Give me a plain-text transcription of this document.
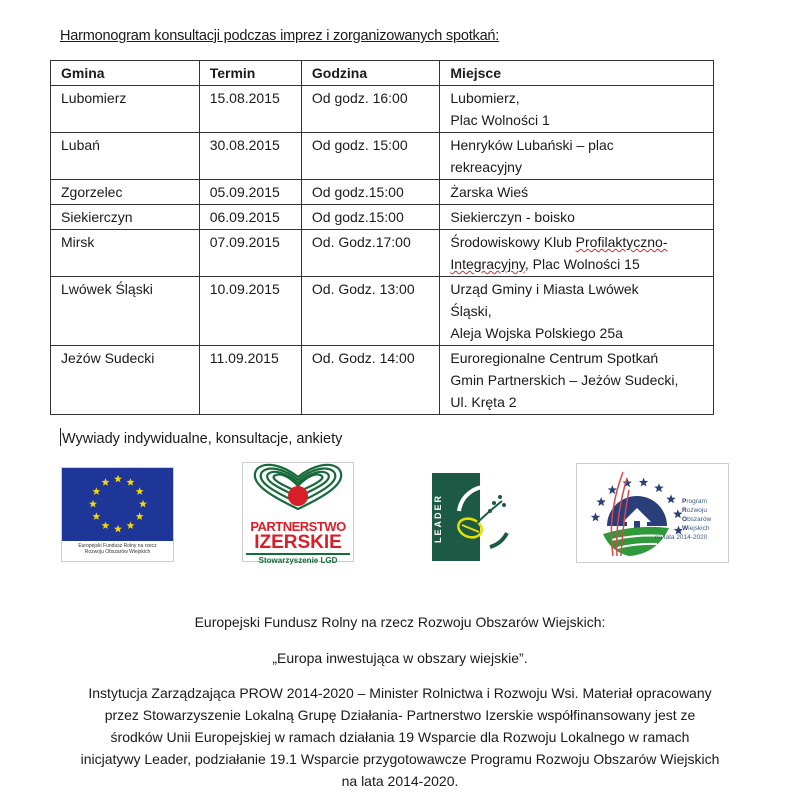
Harmonogram konsultacji podczas imprez i zorganizowanych spotkań:
Gmina	Termin	Godzina	Miejsce
Lubomierz	15.08.2015	Od godz. 16:00	Lubomierz,
Plac Wolności 1
Lubań	30.08.2015	Od godz. 15:00	Henryków Lubański – plac
rekreacyjny
Zgorzelec	05.09.2015	Od godz.15:00	Żarska Wieś
Siekierczyn	06.09.2015	Od godz.15:00	Siekierczyn - boisko
Mirsk	07.09.2015	Od. Godz.17:00	Środowiskowy Klub Profilaktyczno-
Integracyjny, Plac Wolności 15
Lwówek Śląski	10.09.2015	Od. Godz. 13:00	Urząd Gminy i Miasta Lwówek
Śląski,
Aleja Wojska Polskiego 25a
Jeżów Sudecki	11.09.2015	Od. Godz. 14:00	Euroregionalne Centrum Spotkań
Gmin Partnerskich – Jeżów Sudecki,
Ul. Kręta 2
Wywiady indywidualne, konsultacje, ankiety
Europejski Fundusz Rolny na rzecz
Rozwoju Obszarów Wiejskich
PARTNERSTWO
IZERSKIE
Stowarzyszenie LGD
LEADER	Program
Rozwoju
Obszarów
Wiejskich
na lata 2014-2020
Europejski Fundusz Rolny na rzecz Rozwoju Obszarów Wiejskich:
„Europa inwestująca w obszary wiejskie”.
Instytucja Zarządzająca PROW 2014-2020 – Minister Rolnictwa i Rozwoju Wsi. Materiał opracowany
przez Stowarzyszenie Lokalną Grupę Działania- Partnerstwo Izerskie współfinansowany jest ze
środków Unii Europejskiej w ramach działania 19 Wsparcie dla Rozwoju Lokalnego w ramach
inicjatywy Leader, podziałanie 19.1 Wsparcie przygotowawcze Programu Rozwoju Obszarów Wiejskich
na lata 2014-2020.
